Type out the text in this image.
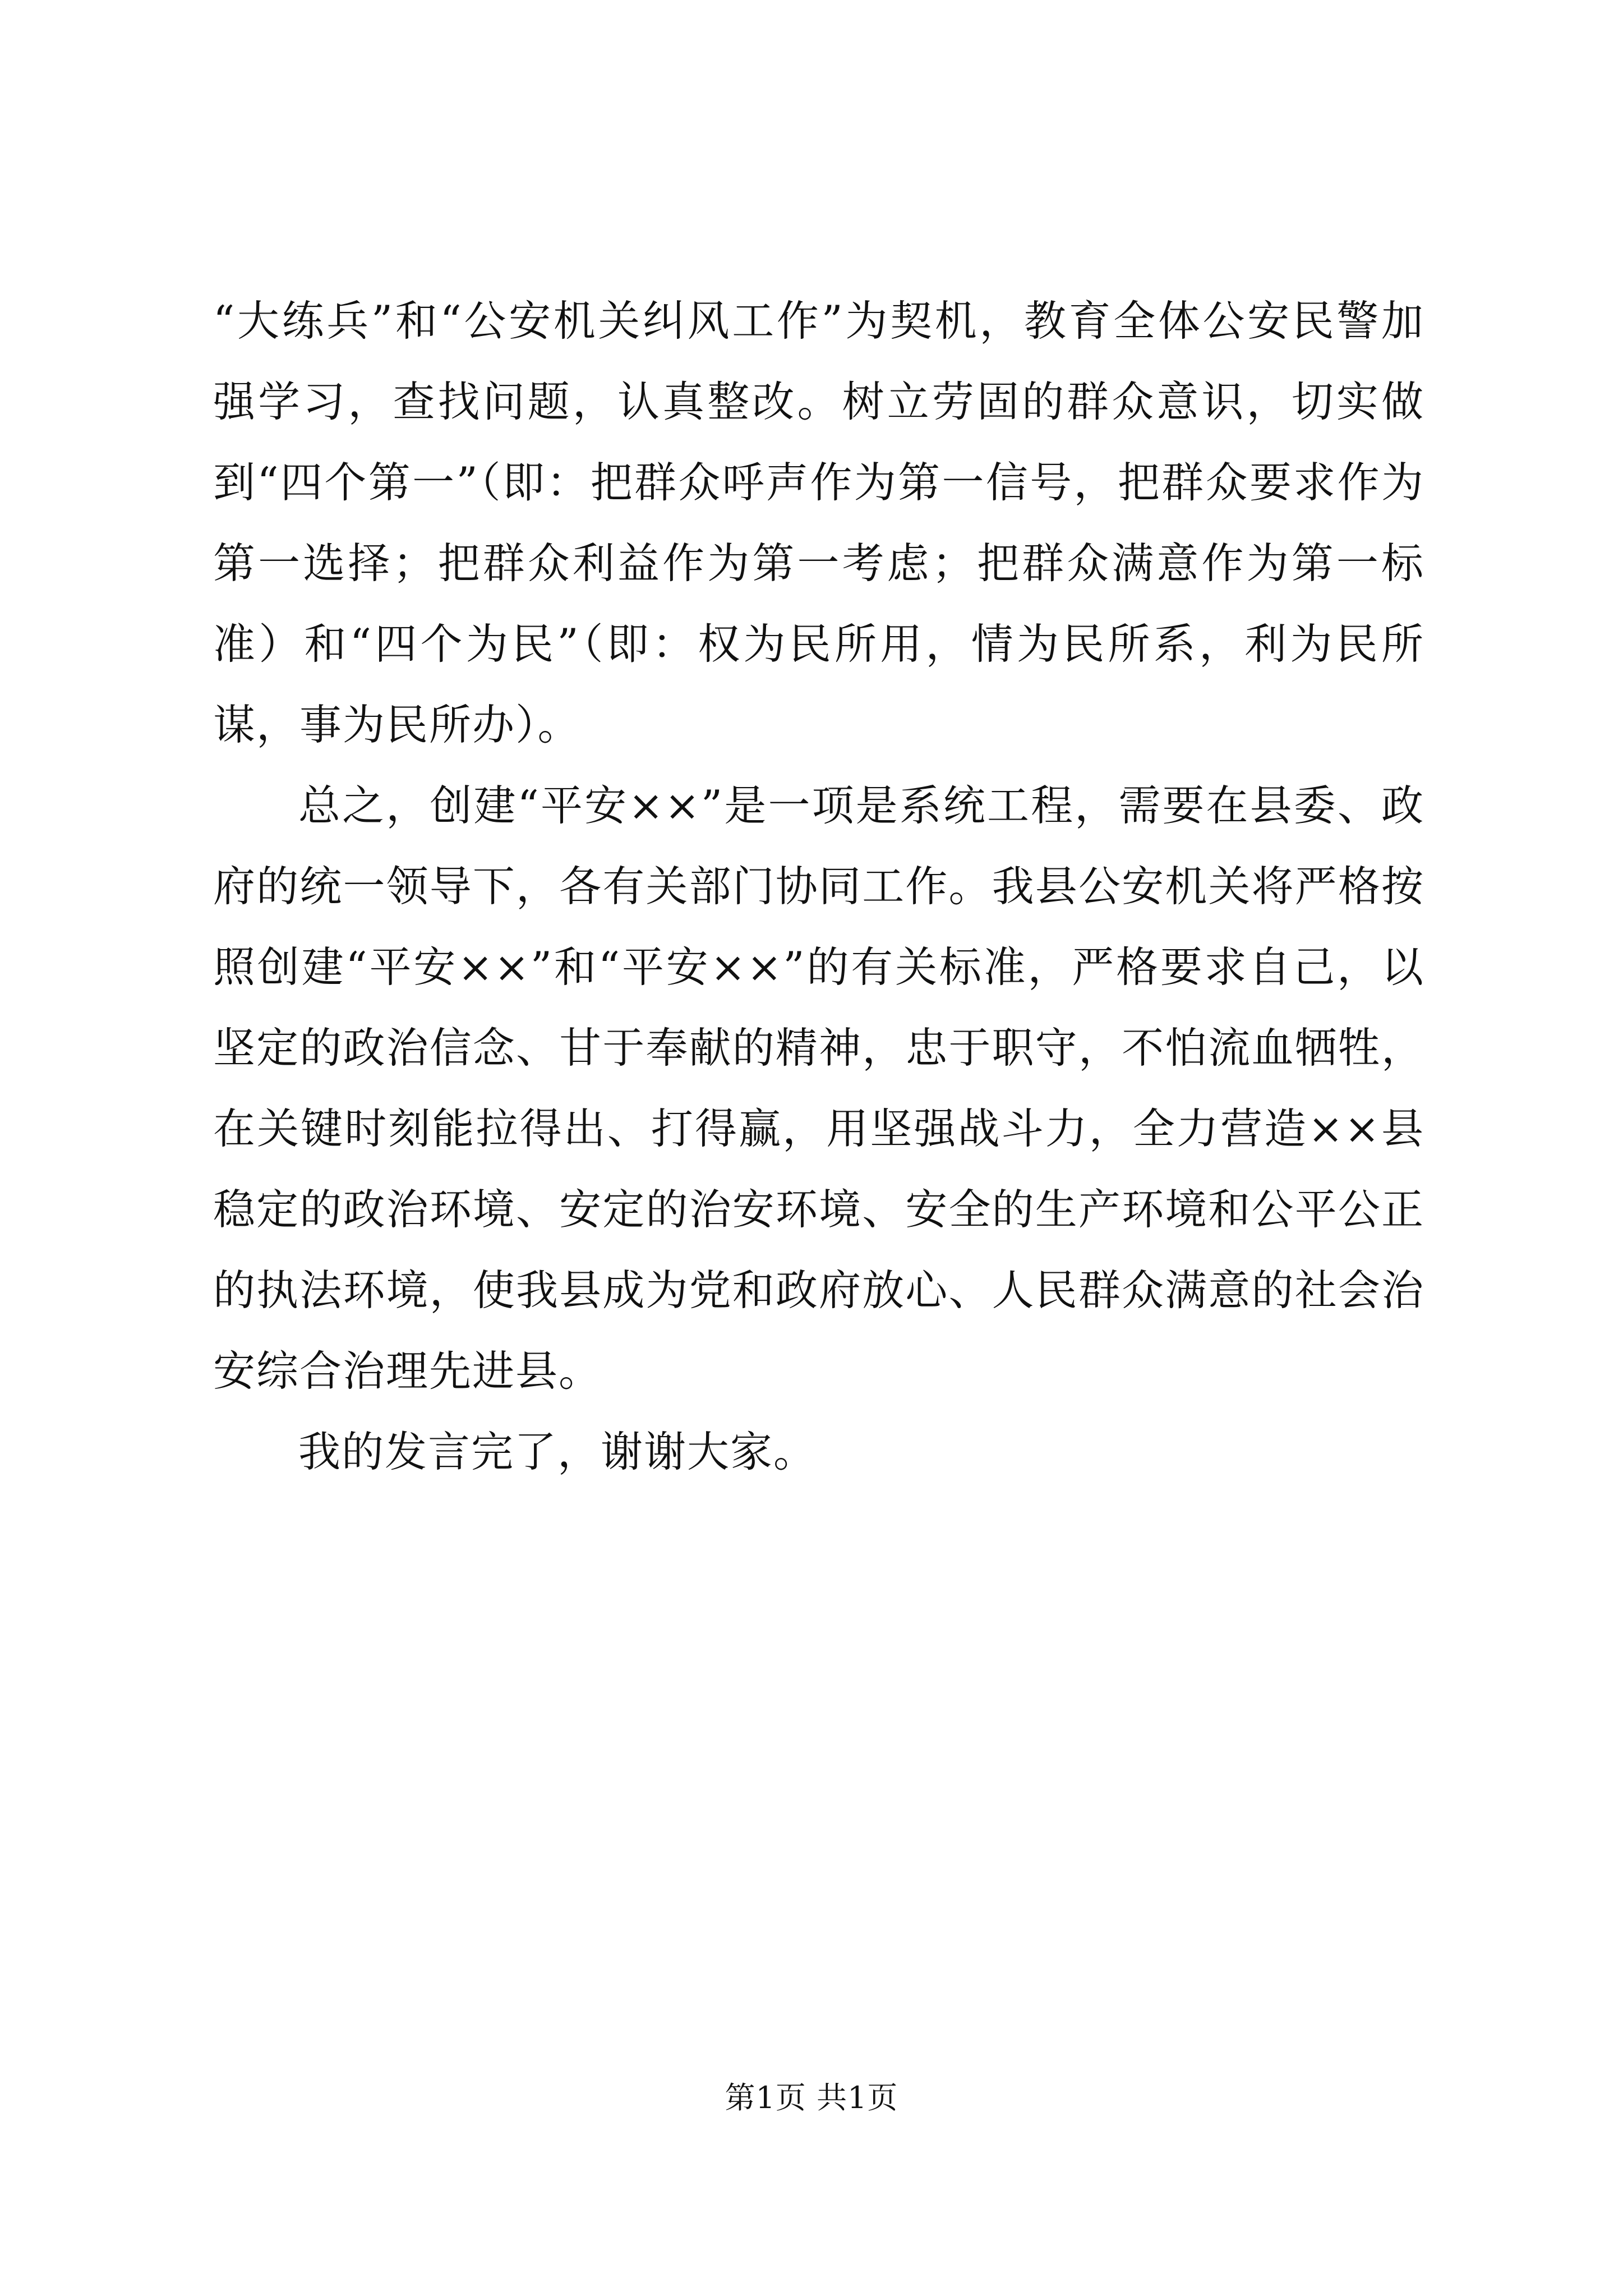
“大练兵”和“公安机关纠风工作”为契机，教育全体公安民警加强学习，查找问题，认真整改。树立劳固的群众意识，切实做到“四个第一”（即：把群众呼声作为第一信号，把群众要求作为第一选择；把群众利益作为第一考虑；把群众满意作为第一标准）和“四个为民”（即：权为民所用，情为民所系，利为民所谋，事为民所办）。

总之，创建“平安××”是一项是系统工程，需要在县委、政府的统一领导下，各有关部门协同工作。我县公安机关将严格按照创建“平安××”和“平安××”的有关标准，严格要求自己，以坚定的政治信念、甘于奉献的精神，忠于职守，不怕流血牺牲，在关键时刻能拉得出、打得赢，用坚强战斗力，全力营造××县稳定的政治环境、安定的治安环境、安全的生产环境和公平公正的执法环境，使我县成为党和政府放心、人民群众满意的社会治安综合治理先进县。

我的发言完了，谢谢大家。

第1页 共1页
